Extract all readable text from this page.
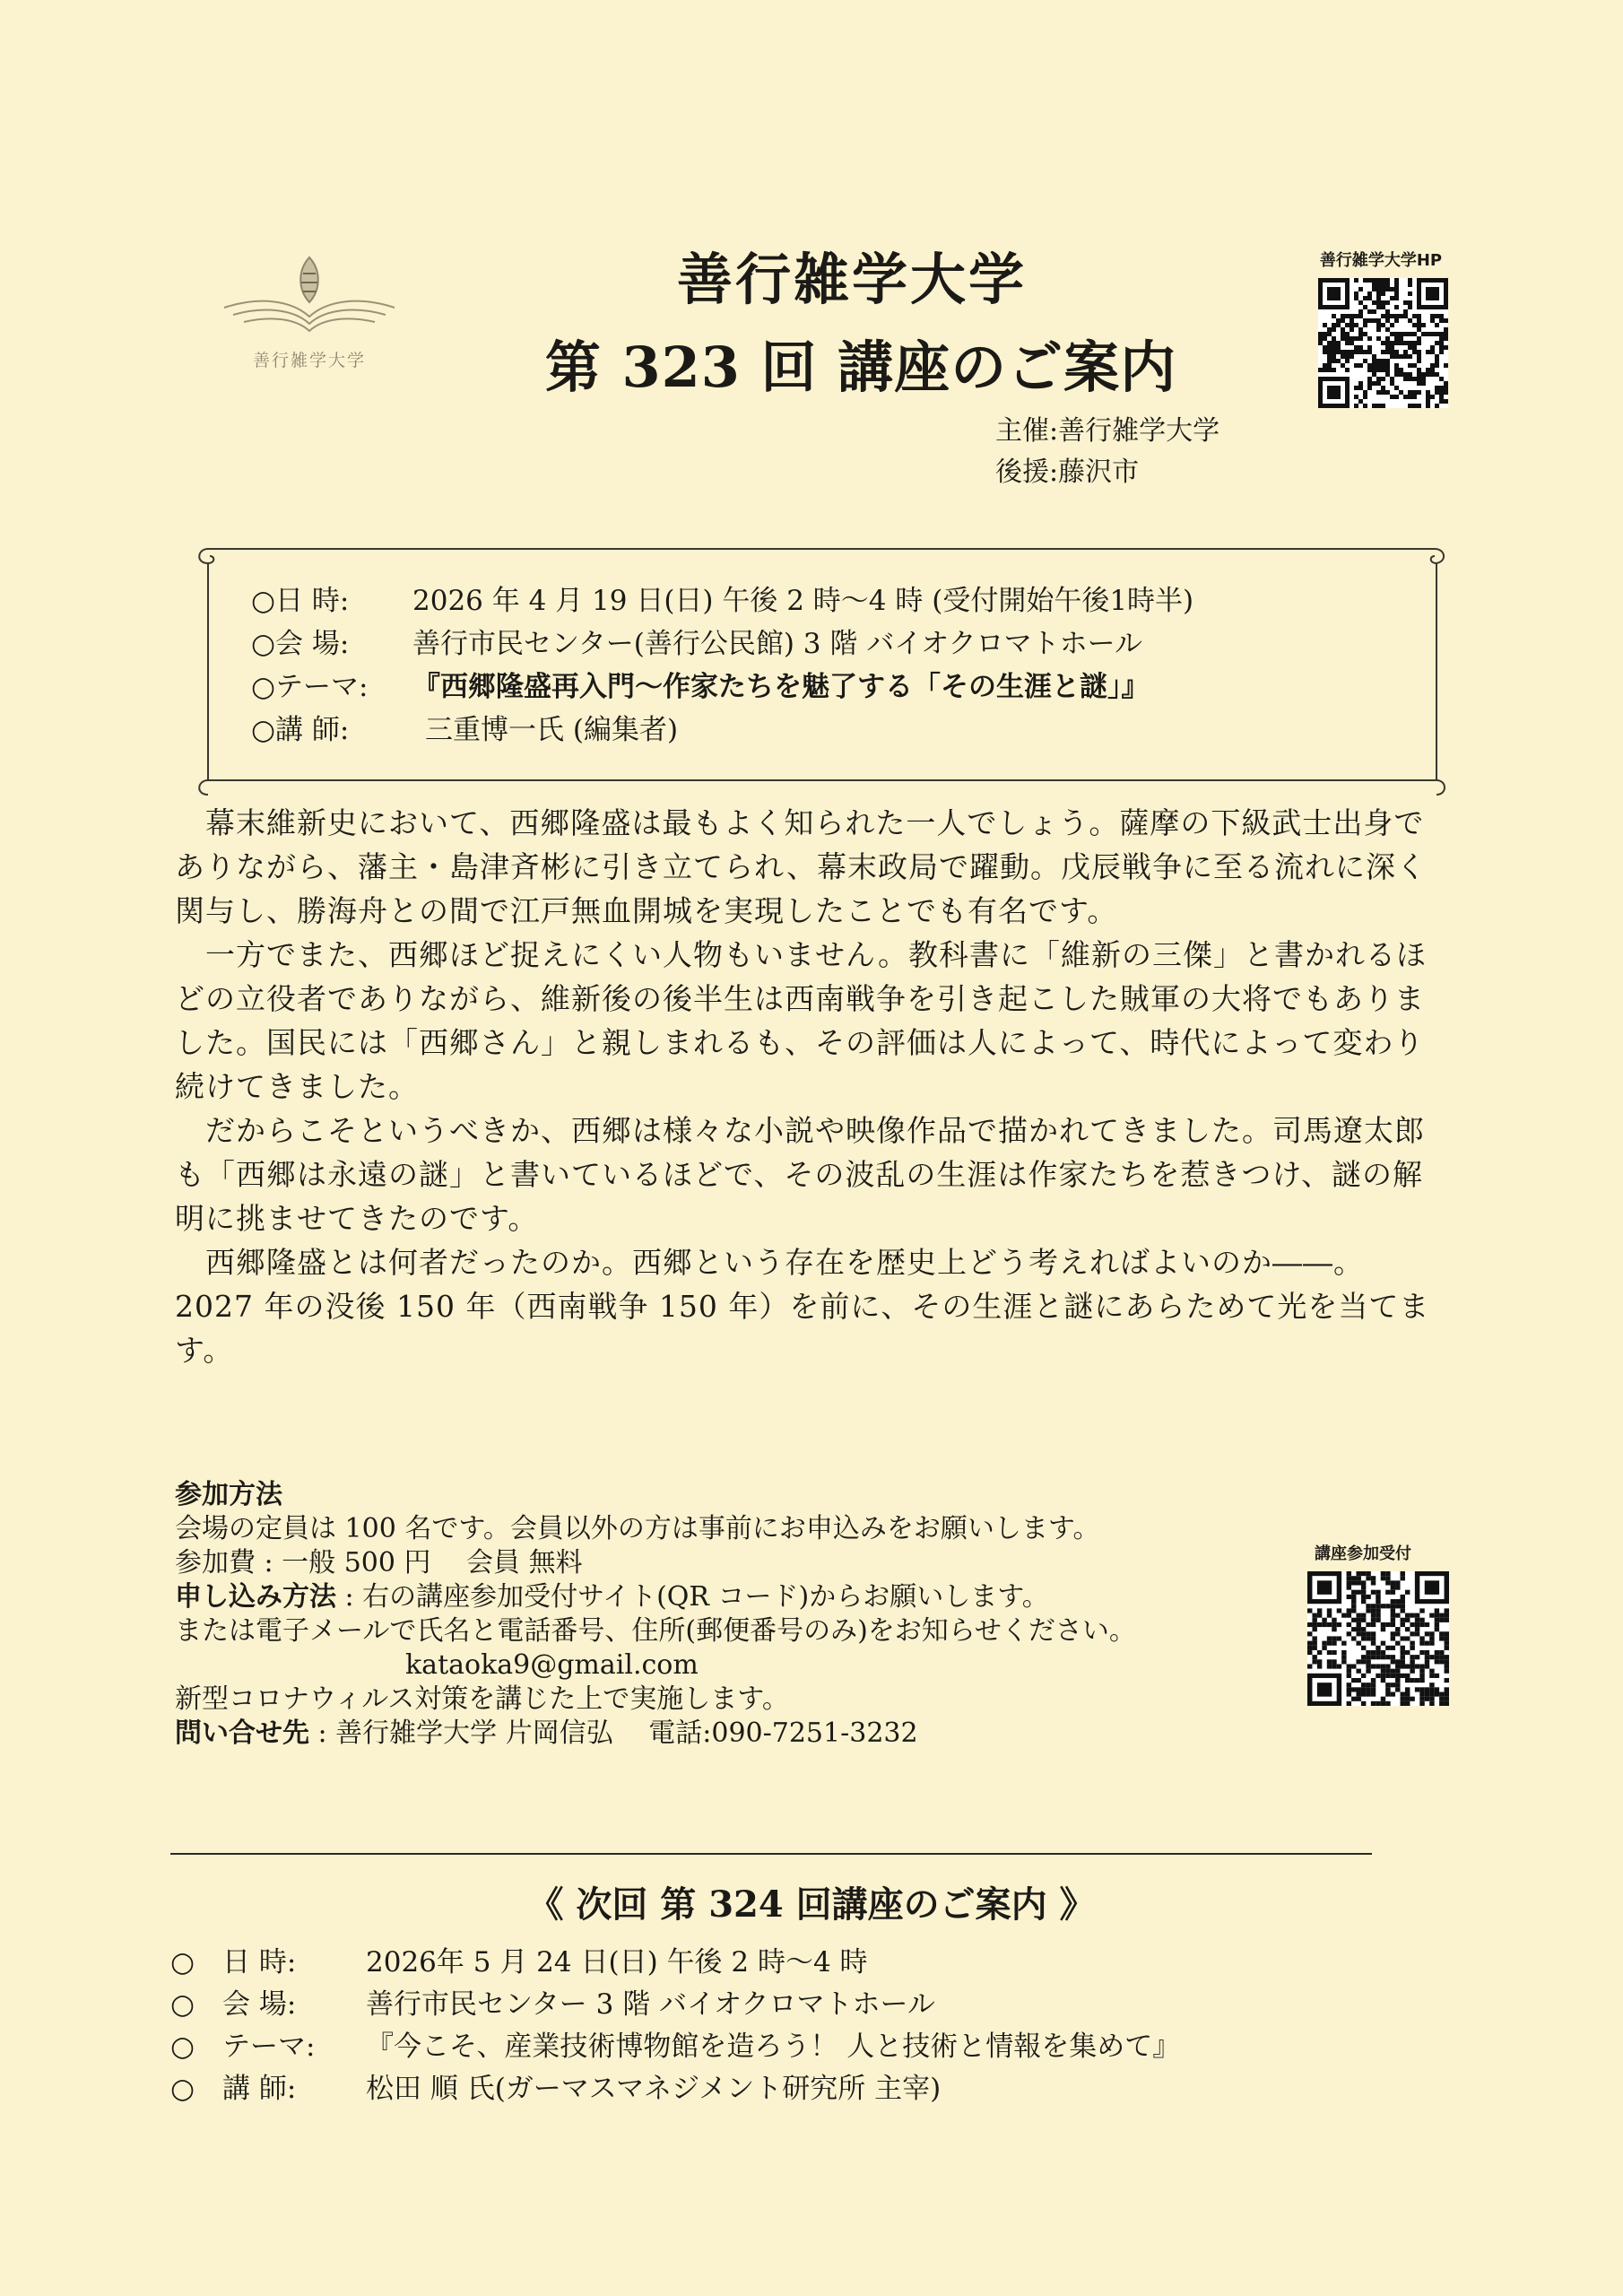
善行雑学大学
善行雑学大学
第 323 回 講座のご案内
善行雑学大学HP
主催:善行雑学大学
後援:藤沢市
○日 時: 2026 年 4 月 19 日(日) 午後 2 時～4 時 (受付開始午後1時半)
○会 場: 善行市民センター(善行公民館) 3 階 バイオクロマトホール
○テーマ: 『西郷隆盛再入門～作家たちを魅了する「その生涯と謎」』
○講 師:	三重博一氏 (編集者)

幕末維新史において、西郷隆盛は最もよく知られた一人でしょう。薩摩の下級武士出身でありながら、藩主・島津斉彬に引き立てられ、幕末政局で躍動。戊辰戦争に至る流れに深く関与し、勝海舟との間で江戸無血開城を実現したことでも有名です。

一方でまた、西郷ほど捉えにくい人物もいません。教科書に「維新の三傑」と書かれるほどの立役者でありながら、維新後の後半生は西南戦争を引き起こした賊軍の大将でもありました。国民には「西郷さん」と親しまれるも、その評価は人によって、時代によって変わり続けてきました。

だからこそというべきか、西郷は様々な小説や映像作品で描かれてきました。司馬遼太郎も「西郷は永遠の謎」と書いているほどで、その波乱の生涯は作家たちを惹きつけ、謎の解明に挑ませてきたのです。

西郷隆盛とは何者だったのか。西郷という存在を歴史上どう考えればよいのか――。2027 年の没後 150 年（西南戦争 150 年）を前に、その生涯と謎にあらためて光を当てます。

参加方法
会場の定員は 100 名です。会員以外の方は事前にお申込みをお願いします。
参加費 : 一般 500 円　 会員 無料
申し込み方法 : 右の講座参加受付サイト(QR コード)からお願いします。
または電子メールで氏名と電話番号、住所(郵便番号のみ)をお知らせください。
kataoka9@gmail.com
新型コロナウィルス対策を講じた上で実施します。
問い合せ先 : 善行雑学大学 片岡信弘　 電話:090-7251-3232
講座参加受付
《 次回 第 324 回講座のご案内 》
○ 日 時:	2026年 5 月 24 日(日) 午後 2 時～4 時
○ 会 場:	善行市民センター 3 階 バイオクロマトホール
○ テーマ: 『今こそ、産業技術博物館を造ろう！ 人と技術と情報を集めて』
○ 講 師:	松田 順 氏(ガーマスマネジメント研究所 主宰)
